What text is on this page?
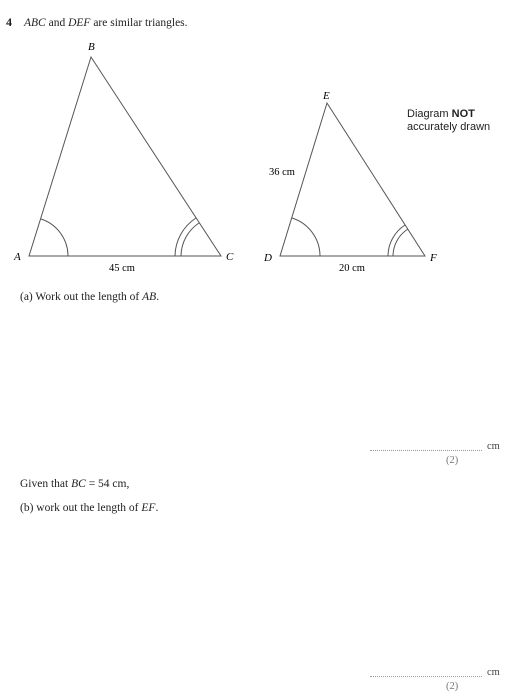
4 ABC and DEF are similar triangles.
A
B
C
45 cm
D
E
F
36 cm
20 cm
Diagram NOT
accurately drawn
(a) Work out the length of AB.
cm
(2)
Given that BC = 54 cm,
(b) work out the length of EF.
cm
(2)
